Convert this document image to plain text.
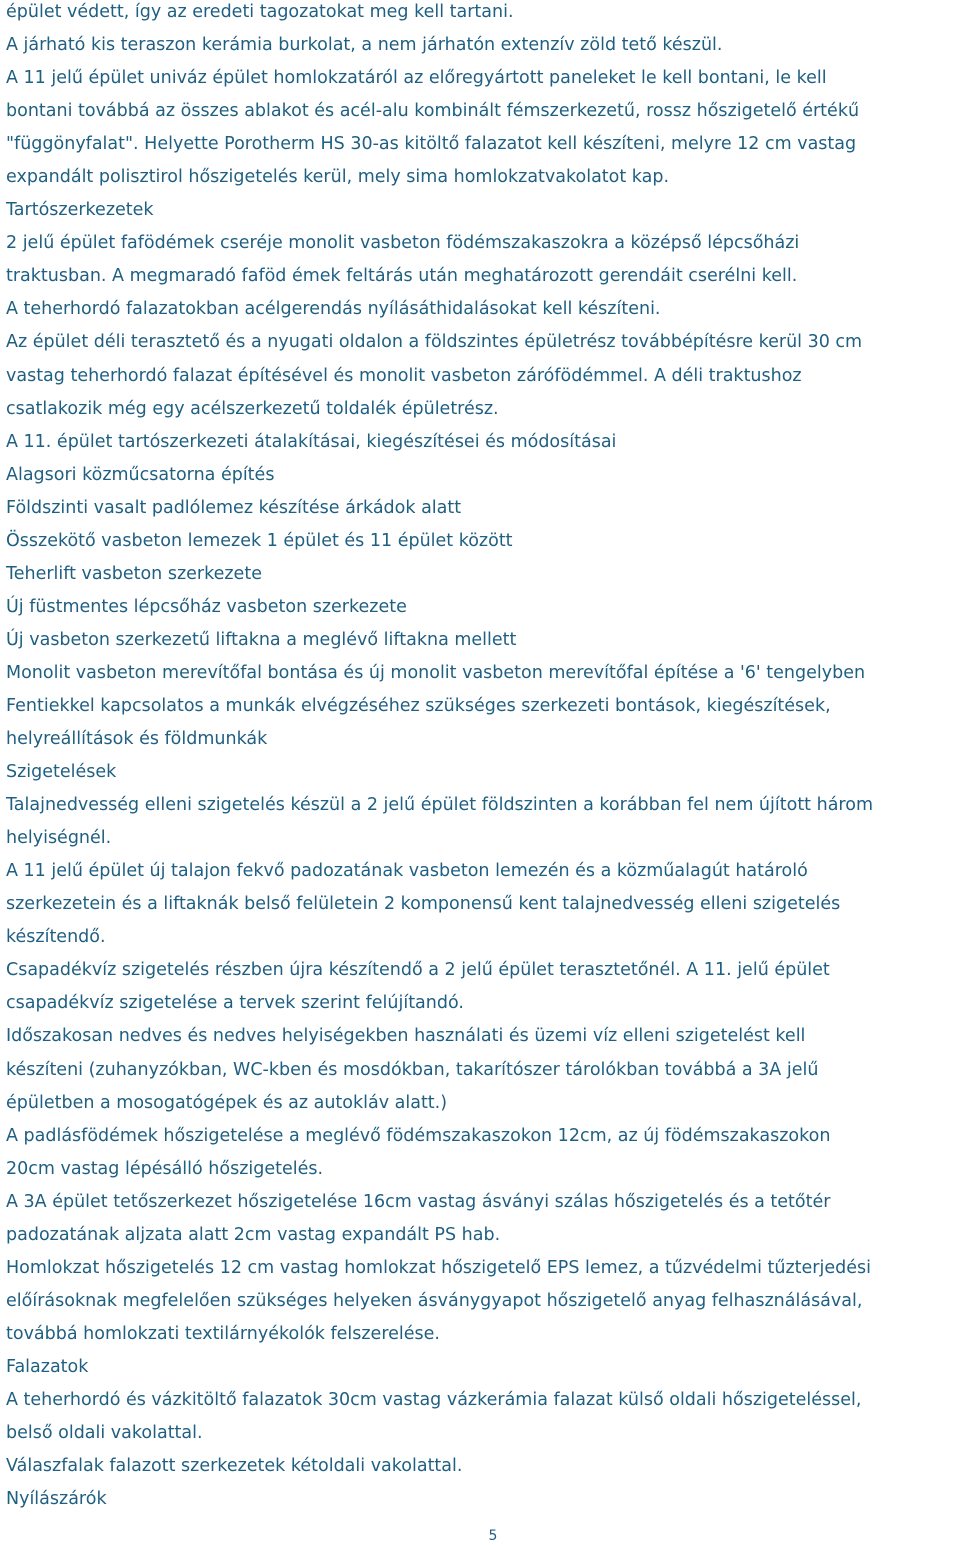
épület védett, így az eredeti tagozatokat meg kell tartani.
A járható kis teraszon kerámia burkolat, a nem járhatón extenzív zöld tető készül.
A 11 jelű épület univáz épület homlokzatáról az előregyártott paneleket le kell bontani, le kell
bontani továbbá az összes ablakot és acél-alu kombinált fémszerkezetű, rossz hőszigetelő értékű
"függönyfalat". Helyette Porotherm HS 30-as kitöltő falazatot kell készíteni, melyre 12 cm vastag
expandált polisztirol hőszigetelés kerül, mely sima homlokzatvakolatot kap.
Tartószerkezetek
2 jelű épület fafödémek cseréje monolit vasbeton födémszakaszokra a középső lépcsőházi
traktusban. A megmaradó faföd émek feltárás után meghatározott gerendáit cserélni kell.
A teherhordó falazatokban acélgerendás nyílásáthidalásokat kell készíteni.
Az épület déli terasztető és a nyugati oldalon a földszintes épületrész továbbépítésre kerül 30 cm
vastag teherhordó falazat építésével és monolit vasbeton zárófödémmel. A déli traktushoz
csatlakozik még egy acélszerkezetű toldalék épületrész.
A 11. épület tartószerkezeti átalakításai, kiegészítései és módosításai
Alagsori közműcsatorna építés
Földszinti vasalt padlólemez készítése árkádok alatt
Összekötő vasbeton lemezek 1 épület és 11 épület között
Teherlift vasbeton szerkezete
Új füstmentes lépcsőház vasbeton szerkezete
Új vasbeton szerkezetű liftakna a meglévő liftakna mellett
Monolit vasbeton merevítőfal bontása és új monolit vasbeton merevítőfal építése a '6' tengelyben
Fentiekkel kapcsolatos a munkák elvégzéséhez szükséges szerkezeti bontások, kiegészítések,
helyreállítások és földmunkák
Szigetelések
Talajnedvesség elleni szigetelés készül a 2 jelű épület földszinten a korábban fel nem újított három
helyiségnél.
A 11 jelű épület új talajon fekvő padozatának vasbeton lemezén és a közműalagút határoló
szerkezetein és a liftaknák belső felületein 2 komponensű kent talajnedvesség elleni szigetelés
készítendő.
Csapadékvíz szigetelés részben újra készítendő a 2 jelű épület terasztetőnél. A 11. jelű épület
csapadékvíz szigetelése a tervek szerint felújítandó.
Időszakosan nedves és nedves helyiségekben használati és üzemi víz elleni szigetelést kell
készíteni (zuhanyzókban, WC-kben és mosdókban, takarítószer tárolókban továbbá a 3A jelű
épületben a mosogatógépek és az autokláv alatt.)
A padlásfödémek hőszigetelése a meglévő födémszakaszokon 12cm, az új födémszakaszokon
20cm vastag lépésálló hőszigetelés.
A 3A épület tetőszerkezet hőszigetelése 16cm vastag ásványi szálas hőszigetelés és a tetőtér
padozatának aljzata alatt 2cm vastag expandált PS hab.
Homlokzat hőszigetelés 12 cm vastag homlokzat hőszigetelő EPS lemez, a tűzvédelmi tűzterjedési
előírásoknak megfelelően szükséges helyeken ásványgyapot hőszigetelő anyag felhasználásával,
továbbá homlokzati textilárnyékolók felszerelése.
Falazatok
A teherhordó és vázkitöltő falazatok 30cm vastag vázkerámia falazat külső oldali hőszigeteléssel,
belső oldali vakolattal.
Válaszfalak falazott szerkezetek kétoldali vakolattal.
Nyílászárók
5
